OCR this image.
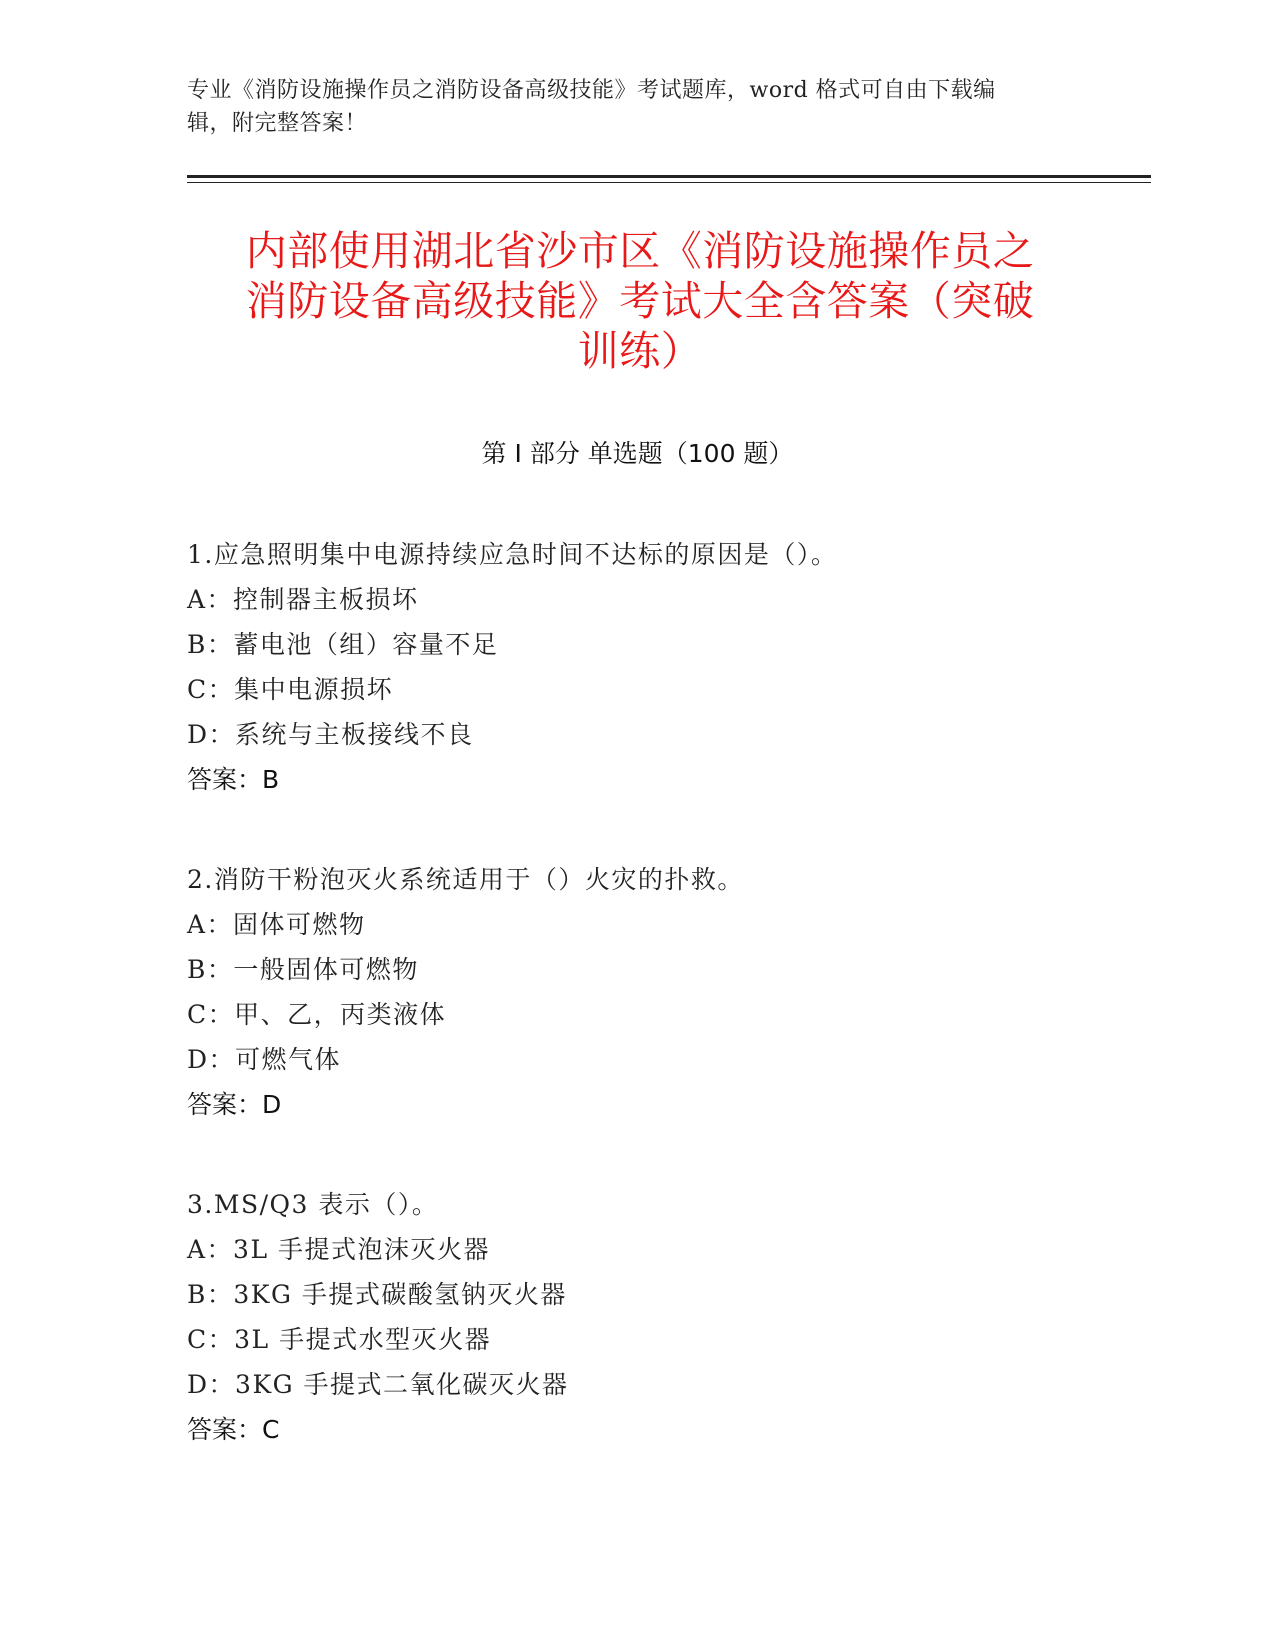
专业《消防设施操作员之消防设备高级技能》考试题库，word 格式可自由下载编
辑，附完整答案！
内部使用湖北省沙市区《消防设施操作员之
消防设备高级技能》考试大全含答案（突破
训练）
第 I 部分 单选题（100 题）
1.应急照明集中电源持续应急时间不达标的原因是（）。
A：控制器主板损坏
B：蓄电池（组）容量不足
C：集中电源损坏
D：系统与主板接线不良
答案：B
2.消防干粉泡灭火系统适用于（）火灾的扑救。
A：固体可燃物
B：一般固体可燃物
C：甲、乙，丙类液体
D：可燃气体
答案：D
3.MS/Q3 表示（）。
A：3L 手提式泡沫灭火器
B：3KG 手提式碳酸氢钠灭火器
C：3L 手提式水型灭火器
D：3KG 手提式二氧化碳灭火器
答案：C
